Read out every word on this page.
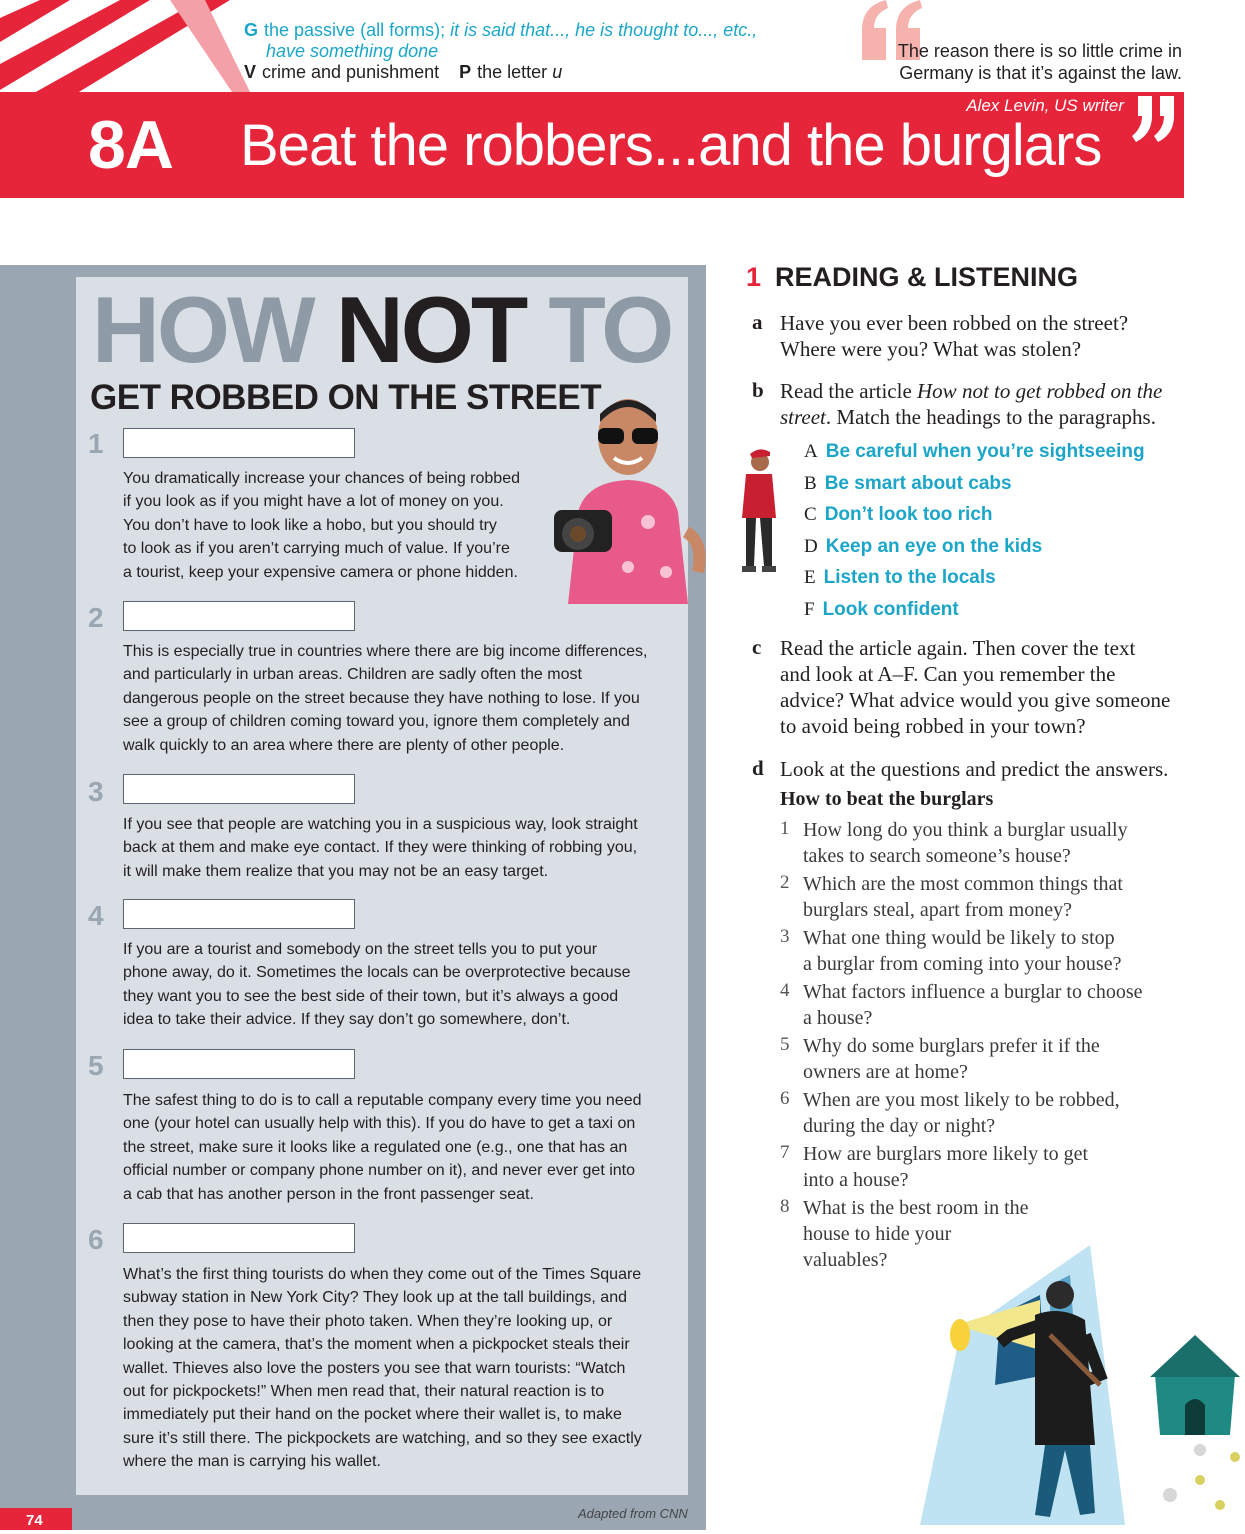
G the passive (all forms); it is said that..., he is thought to..., etc.,
have something done
V crime and punishment P the letter u
The reason there is so little crime in
Germany is that it’s against the law.
Alex Levin, US writer
8A Beat the robbers...and the burglars
HOW NOT TO
GET ROBBED ON THE STREET
1
You dramatically increase your chances of being robbed
if you look as if you might have a lot of money on you.
You don’t have to look like a hobo, but you should try
to look as if you aren’t carrying much of value. If you’re
a tourist, keep your expensive camera or phone hidden.
2
This is especially true in countries where there are big income differences,
and particularly in urban areas. Children are sadly often the most
dangerous people on the street because they have nothing to lose. If you
see a group of children coming toward you, ignore them completely and
walk quickly to an area where there are plenty of other people.
3
If you see that people are watching you in a suspicious way, look straight
back at them and make eye contact. If they were thinking of robbing you,
it will make them realize that you may not be an easy target.
4
If you are a tourist and somebody on the street tells you to put your
phone away, do it. Sometimes the locals can be overprotective because
they want you to see the best side of their town, but it’s always a good
idea to take their advice. If they say don’t go somewhere, don’t.
5
The safest thing to do is to call a reputable company every time you need
one (your hotel can usually help with this). If you do have to get a taxi on
the street, make sure it looks like a regulated one (e.g., one that has an
official number or company phone number on it), and never ever get into
a cab that has another person in the front passenger seat.
6
What’s the first thing tourists do when they come out of the Times Square
subway station in New York City? They look up at the tall buildings, and
then they pose to have their photo taken. When they’re looking up, or
looking at the camera, that’s the moment when a pickpocket steals their
wallet. Thieves also love the posters you see that warn tourists: “Watch
out for pickpockets!” When men read that, their natural reaction is to
immediately put their hand on the pocket where their wallet is, to make
sure it’s still there. The pickpockets are watching, and so they see exactly
where the man is carrying his wallet.
Adapted from CNN
74
1 READING & LISTENING
a Have you ever been robbed on the street?
Where were you? What was stolen?
b Read the article How not to get robbed on the
street. Match the headings to the paragraphs.
A Be careful when you’re sightseeing
B Be smart about cabs
C Don’t look too rich
D Keep an eye on the kids
E Listen to the locals
F Look confident
c Read the article again. Then cover the text
and look at A–F. Can you remember the
advice? What advice would you give someone
to avoid being robbed in your town?
d Look at the questions and predict the answers.
How to beat the burglars
1 How long do you think a burglar usually
takes to search someone’s house?
2 Which are the most common things that
burglars steal, apart from money?
3 What one thing would be likely to stop
a burglar from coming into your house?
4 What factors influence a burglar to choose
a house?
5 Why do some burglars prefer it if the
owners are at home?
6 When are you most likely to be robbed,
during the day or night?
7 How are burglars more likely to get
into a house?
8 What is the best room in the
house to hide your
valuables?
